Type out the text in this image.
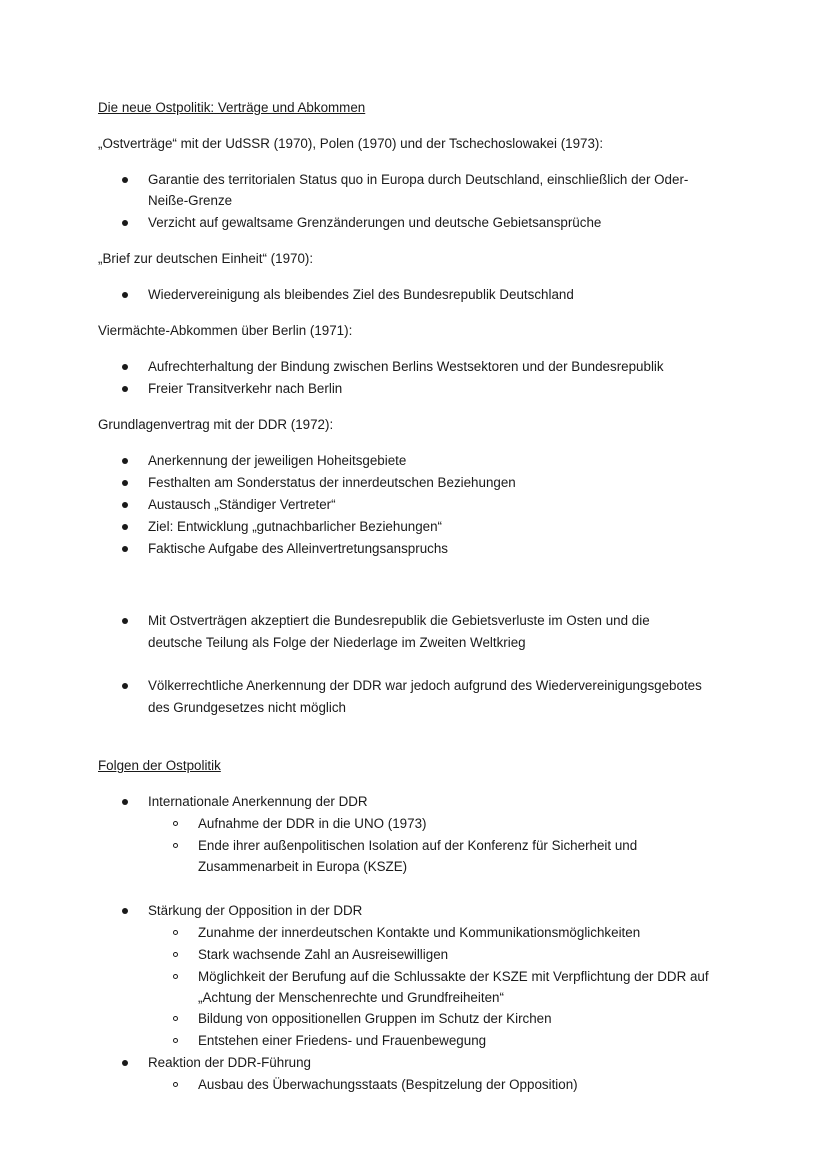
Die neue Ostpolitik: Verträge und Abkommen
„Ostverträge“ mit der UdSSR (1970), Polen (1970) und der Tschechoslowakei (1973):
Garantie des territorialen Status quo in Europa durch Deutschland, einschließlich der Oder-
Neiße-Grenze
Verzicht auf gewaltsame Grenzänderungen und deutsche Gebietsansprüche
„Brief zur deutschen Einheit“ (1970):
Wiedervereinigung als bleibendes Ziel des Bundesrepublik Deutschland
Viermächte-Abkommen über Berlin (1971):
Aufrechterhaltung der Bindung zwischen Berlins Westsektoren und der Bundesrepublik
Freier Transitverkehr nach Berlin
Grundlagenvertrag mit der DDR (1972):
Anerkennung der jeweiligen Hoheitsgebiete
Festhalten am Sonderstatus der innerdeutschen Beziehungen
Austausch „Ständiger Vertreter“
Ziel: Entwicklung „gutnachbarlicher Beziehungen“
Faktische Aufgabe des Alleinvertretungsanspruchs
Mit Ostverträgen akzeptiert die Bundesrepublik die Gebietsverluste im Osten und die
deutsche Teilung als Folge der Niederlage im Zweiten Weltkrieg
Völkerrechtliche Anerkennung der DDR war jedoch aufgrund des Wiedervereinigungsgebotes
des Grundgesetzes nicht möglich
Folgen der Ostpolitik
Internationale Anerkennung der DDR
Aufnahme der DDR in die UNO (1973)
Ende ihrer außenpolitischen Isolation auf der Konferenz für Sicherheit und
Zusammenarbeit in Europa (KSZE)
Stärkung der Opposition in der DDR
Zunahme der innerdeutschen Kontakte und Kommunikationsmöglichkeiten
Stark wachsende Zahl an Ausreisewilligen
Möglichkeit der Berufung auf die Schlussakte der KSZE mit Verpflichtung der DDR auf
„Achtung der Menschenrechte und Grundfreiheiten“
Bildung von oppositionellen Gruppen im Schutz der Kirchen
Entstehen einer Friedens- und Frauenbewegung
Reaktion der DDR-Führung
Ausbau des Überwachungsstaats (Bespitzelung der Opposition)
